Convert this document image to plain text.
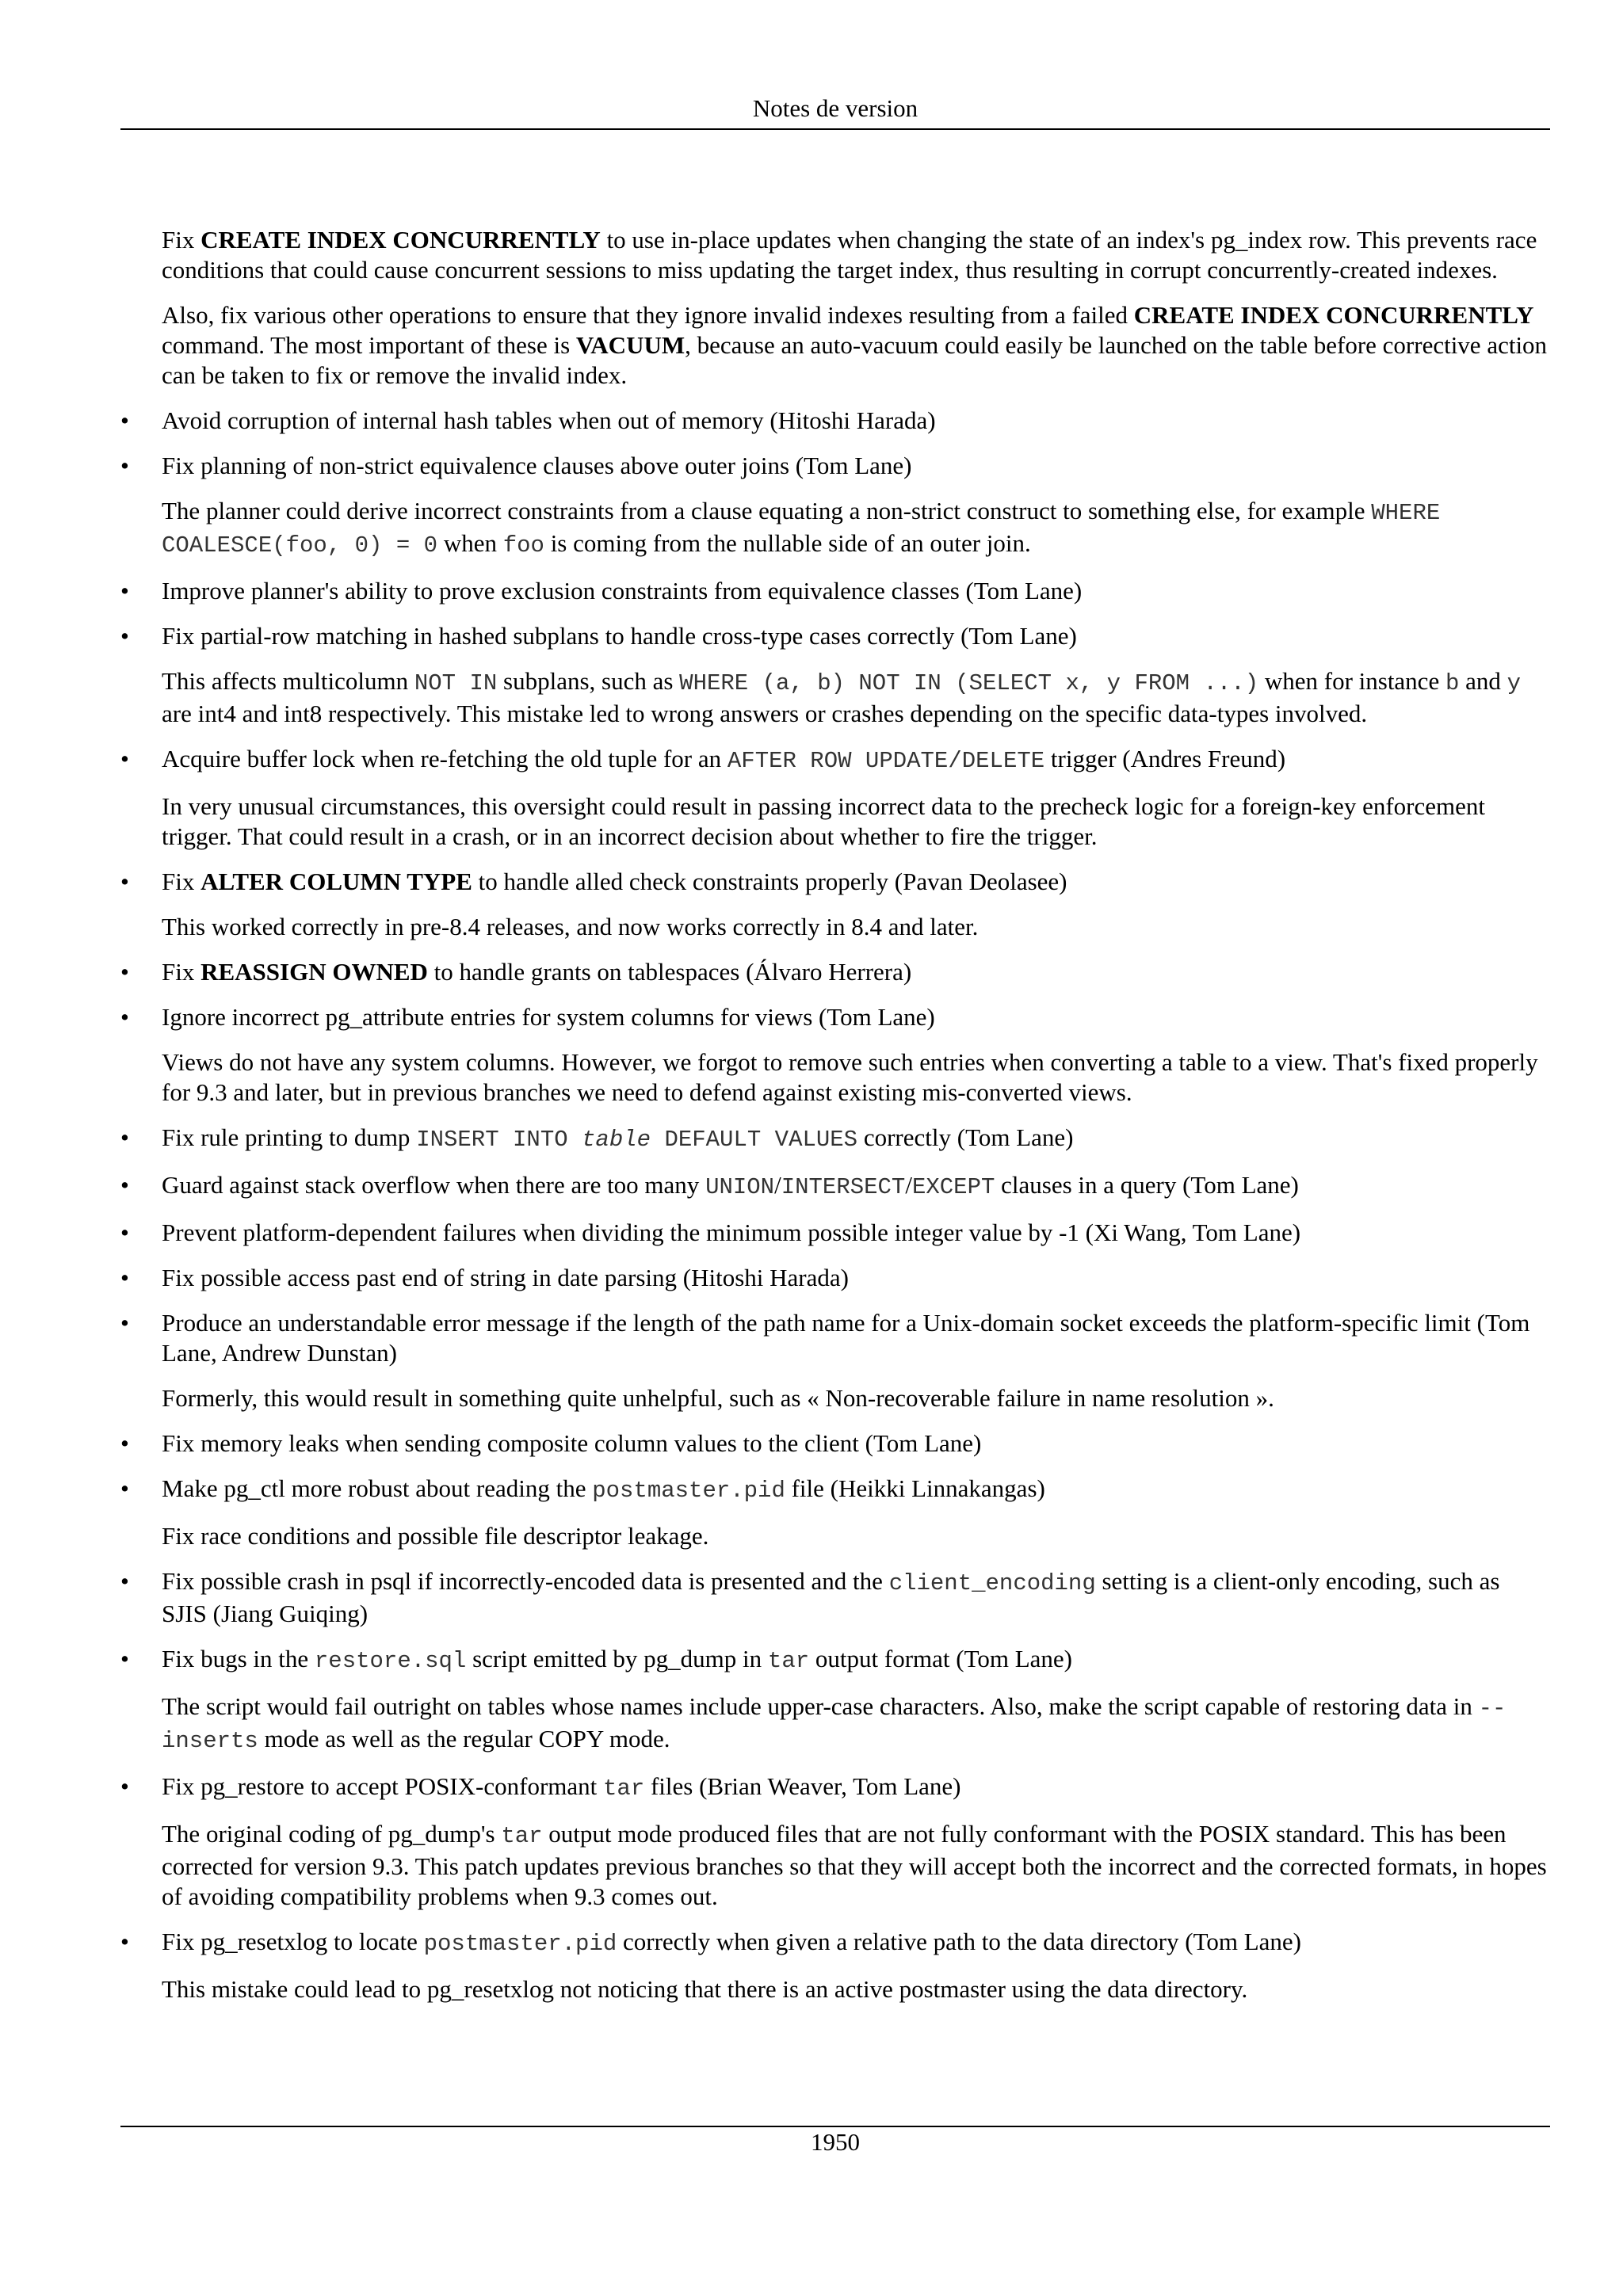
Notes de version
Fix CREATE INDEX CONCURRENTLY to use in-place updates when changing the state of an index's pg_index row. This prevents race conditions that could cause concurrent sessions to miss updating the target index, thus resulting in corrupt concurrently-created indexes.
Also, fix various other operations to ensure that they ignore invalid indexes resulting from a failed CREATE INDEX CONCURRENTLY command. The most important of these is VACUUM, because an auto-vacuum could easily be launched on the table before corrective action can be taken to fix or remove the invalid index.
• Avoid corruption of internal hash tables when out of memory (Hitoshi Harada)
• Fix planning of non-strict equivalence clauses above outer joins (Tom Lane)
The planner could derive incorrect constraints from a clause equating a non-strict construct to something else, for example WHERE COALESCE(foo, 0) = 0 when foo is coming from the nullable side of an outer join.
• Improve planner's ability to prove exclusion constraints from equivalence classes (Tom Lane)
• Fix partial-row matching in hashed subplans to handle cross-type cases correctly (Tom Lane)
This affects multicolumn NOT IN subplans, such as WHERE (a, b) NOT IN (SELECT x, y FROM ...) when for instance b and y are int4 and int8 respectively. This mistake led to wrong answers or crashes depending on the specific data-types involved.
• Acquire buffer lock when re-fetching the old tuple for an AFTER ROW UPDATE/DELETE trigger (Andres Freund)
In very unusual circumstances, this oversight could result in passing incorrect data to the precheck logic for a foreign-key enforcement trigger. That could result in a crash, or in an incorrect decision about whether to fire the trigger.
• Fix ALTER COLUMN TYPE to handle alled check constraints properly (Pavan Deolasee)
This worked correctly in pre-8.4 releases, and now works correctly in 8.4 and later.
• Fix REASSIGN OWNED to handle grants on tablespaces (Álvaro Herrera)
• Ignore incorrect pg_attribute entries for system columns for views (Tom Lane)
Views do not have any system columns. However, we forgot to remove such entries when converting a table to a view. That's fixed properly for 9.3 and later, but in previous branches we need to defend against existing mis-converted views.
• Fix rule printing to dump INSERT INTO table DEFAULT VALUES correctly (Tom Lane)
• Guard against stack overflow when there are too many UNION/INTERSECT/EXCEPT clauses in a query (Tom Lane)
• Prevent platform-dependent failures when dividing the minimum possible integer value by -1 (Xi Wang, Tom Lane)
• Fix possible access past end of string in date parsing (Hitoshi Harada)
• Produce an understandable error message if the length of the path name for a Unix-domain socket exceeds the platform-specific limit (Tom Lane, Andrew Dunstan)
Formerly, this would result in something quite unhelpful, such as « Non-recoverable failure in name resolution ».
• Fix memory leaks when sending composite column values to the client (Tom Lane)
• Make pg_ctl more robust about reading the postmaster.pid file (Heikki Linnakangas)
Fix race conditions and possible file descriptor leakage.
• Fix possible crash in psql if incorrectly-encoded data is presented and the client_encoding setting is a client-only encoding, such as SJIS (Jiang Guiqing)
• Fix bugs in the restore.sql script emitted by pg_dump in tar output format (Tom Lane)
The script would fail outright on tables whose names include upper-case characters. Also, make the script capable of restoring data in --inserts mode as well as the regular COPY mode.
• Fix pg_restore to accept POSIX-conformant tar files (Brian Weaver, Tom Lane)
The original coding of pg_dump's tar output mode produced files that are not fully conformant with the POSIX standard. This has been corrected for version 9.3. This patch updates previous branches so that they will accept both the incorrect and the corrected formats, in hopes of avoiding compatibility problems when 9.3 comes out.
• Fix pg_resetxlog to locate postmaster.pid correctly when given a relative path to the data directory (Tom Lane)
This mistake could lead to pg_resetxlog not noticing that there is an active postmaster using the data directory.
1950
